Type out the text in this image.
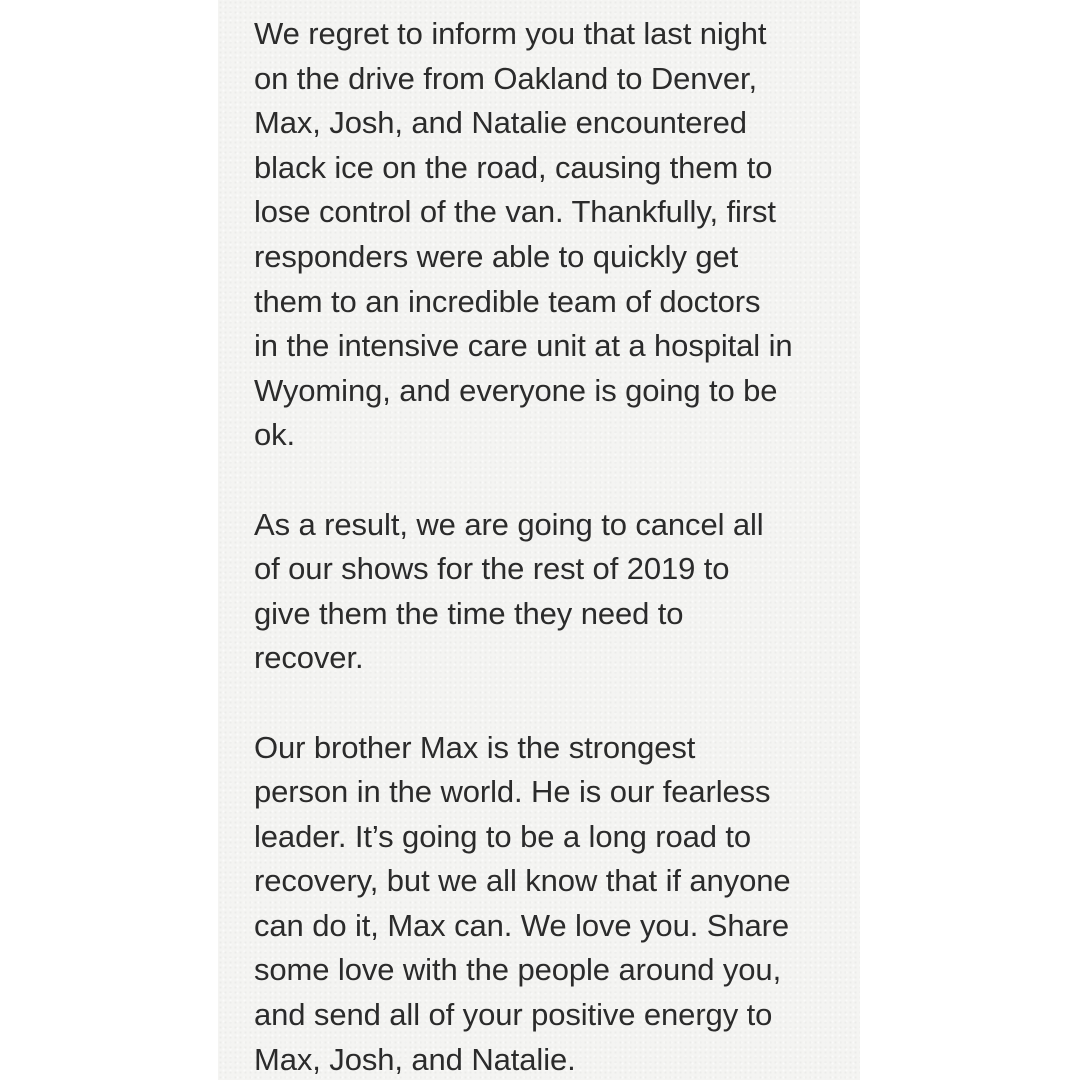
We regret to inform you that last night
on the drive from Oakland to Denver,
Max, Josh, and Natalie encountered
black ice on the road, causing them to
lose control of the van. Thankfully, first
responders were able to quickly get
them to an incredible team of doctors
in the intensive care unit at a hospital in
Wyoming, and everyone is going to be
ok.
As a result, we are going to cancel all
of our shows for the rest of 2019 to
give them the time they need to
recover.
Our brother Max is the strongest
person in the world. He is our fearless
leader. It’s going to be a long road to
recovery, but we all know that if anyone
can do it, Max can. We love you. Share
some love with the people around you,
and send all of your positive energy to
Max, Josh, and Natalie.
